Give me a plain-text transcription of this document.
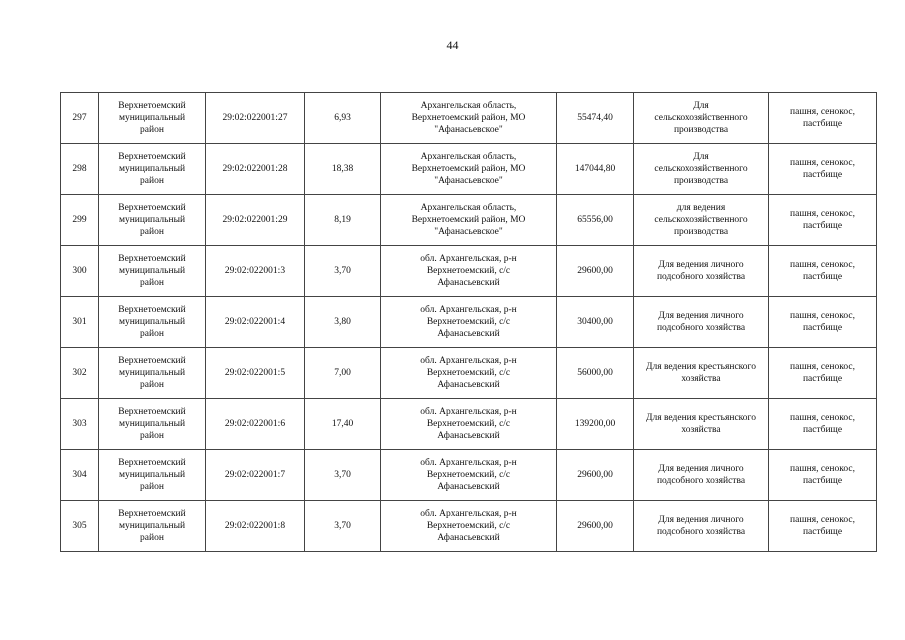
44
297	Верхнетоемский
муниципальный
район	29:02:022001:27	6,93	Архангельская область,
Верхнетоемский район, МО
"Афанасьевское"	55474,40	Для
сельскохозяйственного
производства	пашня, сенокос,
пастбище
298	Верхнетоемский
муниципальный
район	29:02:022001:28	18,38	Архангельская область,
Верхнетоемский район, МО
"Афанасьевское"	147044,80	Для
сельскохозяйственного
производства	пашня, сенокос,
пастбище
299	Верхнетоемский
муниципальный
район	29:02:022001:29	8,19	Архангельская область,
Верхнетоемский район, МО
"Афанасьевское"	65556,00	для ведения
сельскохозяйственного
производства	пашня, сенокос,
пастбище
300	Верхнетоемский
муниципальный
район	29:02:022001:3	3,70	обл. Архангельская, р-н
Верхнетоемский, с/с
Афанасьевский	29600,00	Для ведения личного
подсобного хозяйства	пашня, сенокос,
пастбище
301	Верхнетоемский
муниципальный
район	29:02:022001:4	3,80	обл. Архангельская, р-н
Верхнетоемский, с/с
Афанасьевский	30400,00	Для ведения личного
подсобного хозяйства	пашня, сенокос,
пастбище
302	Верхнетоемский
муниципальный
район	29:02:022001:5	7,00	обл. Архангельская, р-н
Верхнетоемский, с/с
Афанасьевский	56000,00	Для ведения крестьянского
хозяйства	пашня, сенокос,
пастбище
303	Верхнетоемский
муниципальный
район	29:02:022001:6	17,40	обл. Архангельская, р-н
Верхнетоемский, с/с
Афанасьевский	139200,00	Для ведения крестьянского
хозяйства	пашня, сенокос,
пастбище
304	Верхнетоемский
муниципальный
район	29:02:022001:7	3,70	обл. Архангельская, р-н
Верхнетоемский, с/с
Афанасьевский	29600,00	Для ведения личного
подсобного хозяйства	пашня, сенокос,
пастбище
305	Верхнетоемский
муниципальный
район	29:02:022001:8	3,70	обл. Архангельская, р-н
Верхнетоемский, с/с
Афанасьевский	29600,00	Для ведения личного
подсобного хозяйства	пашня, сенокос,
пастбище
